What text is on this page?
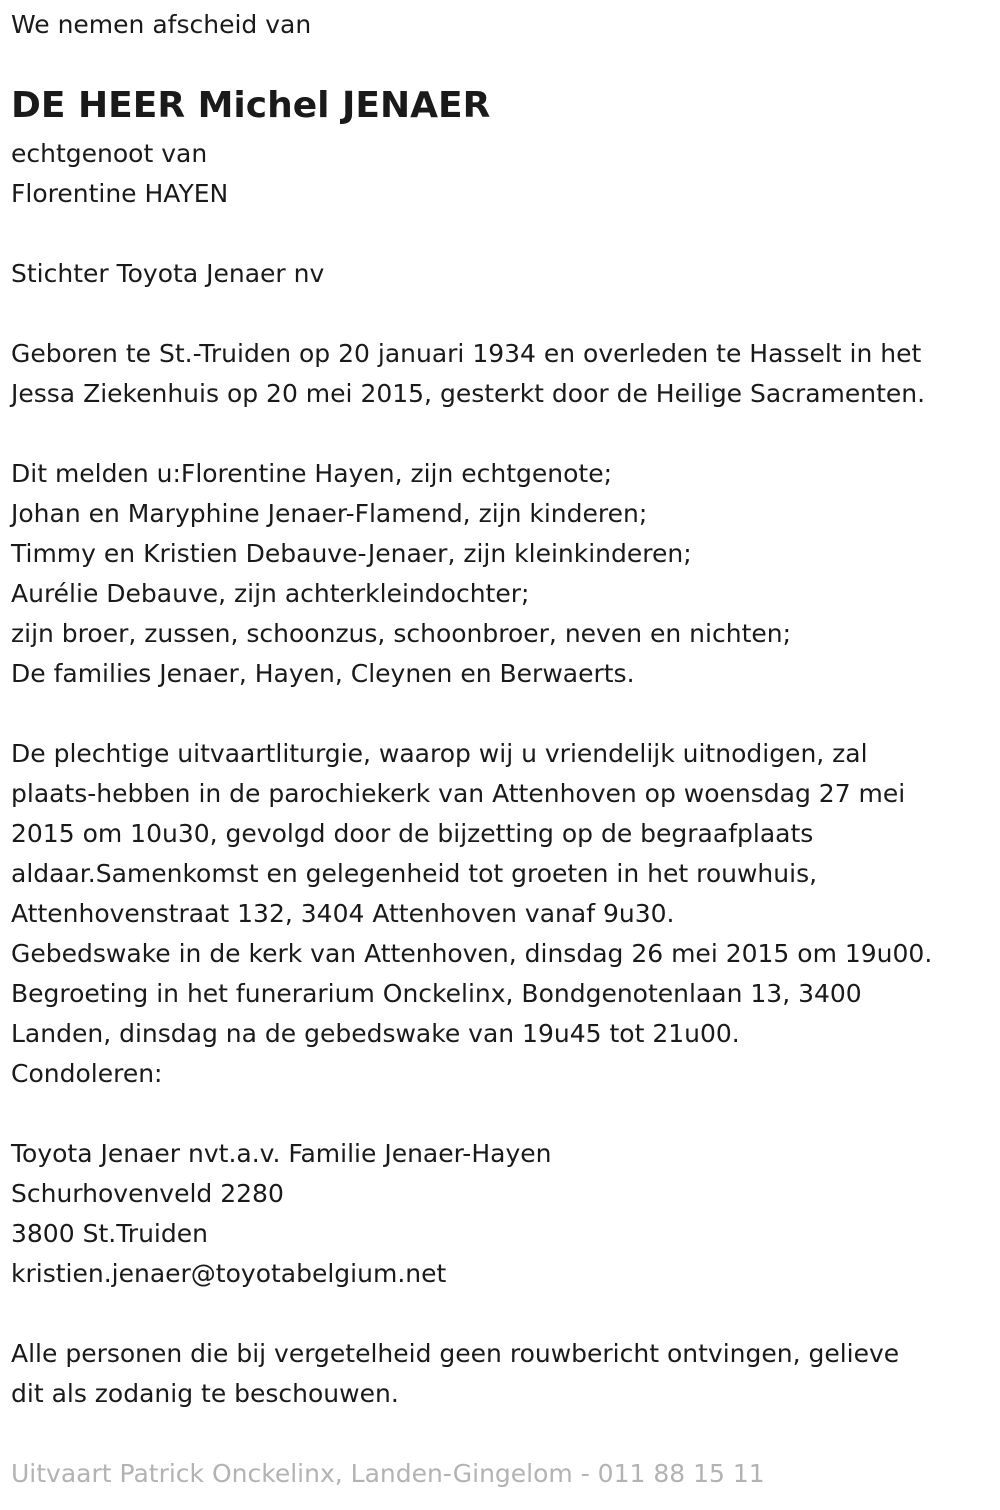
We nemen afscheid van
DE HEER Michel JENAER
echtgenoot van
Florentine HAYEN
Stichter Toyota Jenaer nv
Geboren te St.-Truiden op 20 januari 1934 en overleden te Hasselt in het
Jessa Ziekenhuis op 20 mei 2015, gesterkt door de Heilige Sacramenten.
Dit melden u:Florentine Hayen, zijn echtgenote;
Johan en Maryphine Jenaer-Flamend, zijn kinderen;
Timmy en Kristien Debauve-Jenaer, zijn kleinkinderen;
Aurélie Debauve, zijn achterkleindochter;
zijn broer, zussen, schoonzus, schoonbroer, neven en nichten;
De families Jenaer, Hayen, Cleynen en Berwaerts.
De plechtige uitvaartliturgie, waarop wij u vriendelijk uitnodigen, zal
plaats-hebben in de parochiekerk van Attenhoven op woensdag 27 mei
2015 om 10u30, gevolgd door de bijzetting op de begraafplaats
aldaar.Samenkomst en gelegenheid tot groeten in het rouwhuis,
Attenhovenstraat 132, 3404 Attenhoven vanaf 9u30.
Gebedswake in de kerk van Attenhoven, dinsdag 26 mei 2015 om 19u00.
Begroeting in het funerarium Onckelinx, Bondgenotenlaan 13, 3400
Landen, dinsdag na de gebedswake van 19u45 tot 21u00.
Condoleren:
Toyota Jenaer nvt.a.v. Familie Jenaer-Hayen
Schurhovenveld 2280
3800 St.Truiden
kristien.jenaer@toyotabelgium.net
Alle personen die bij vergetelheid geen rouwbericht ontvingen, gelieve
dit als zodanig te beschouwen.
Uitvaart Patrick Onckelinx, Landen-Gingelom - 011 88 15 11
